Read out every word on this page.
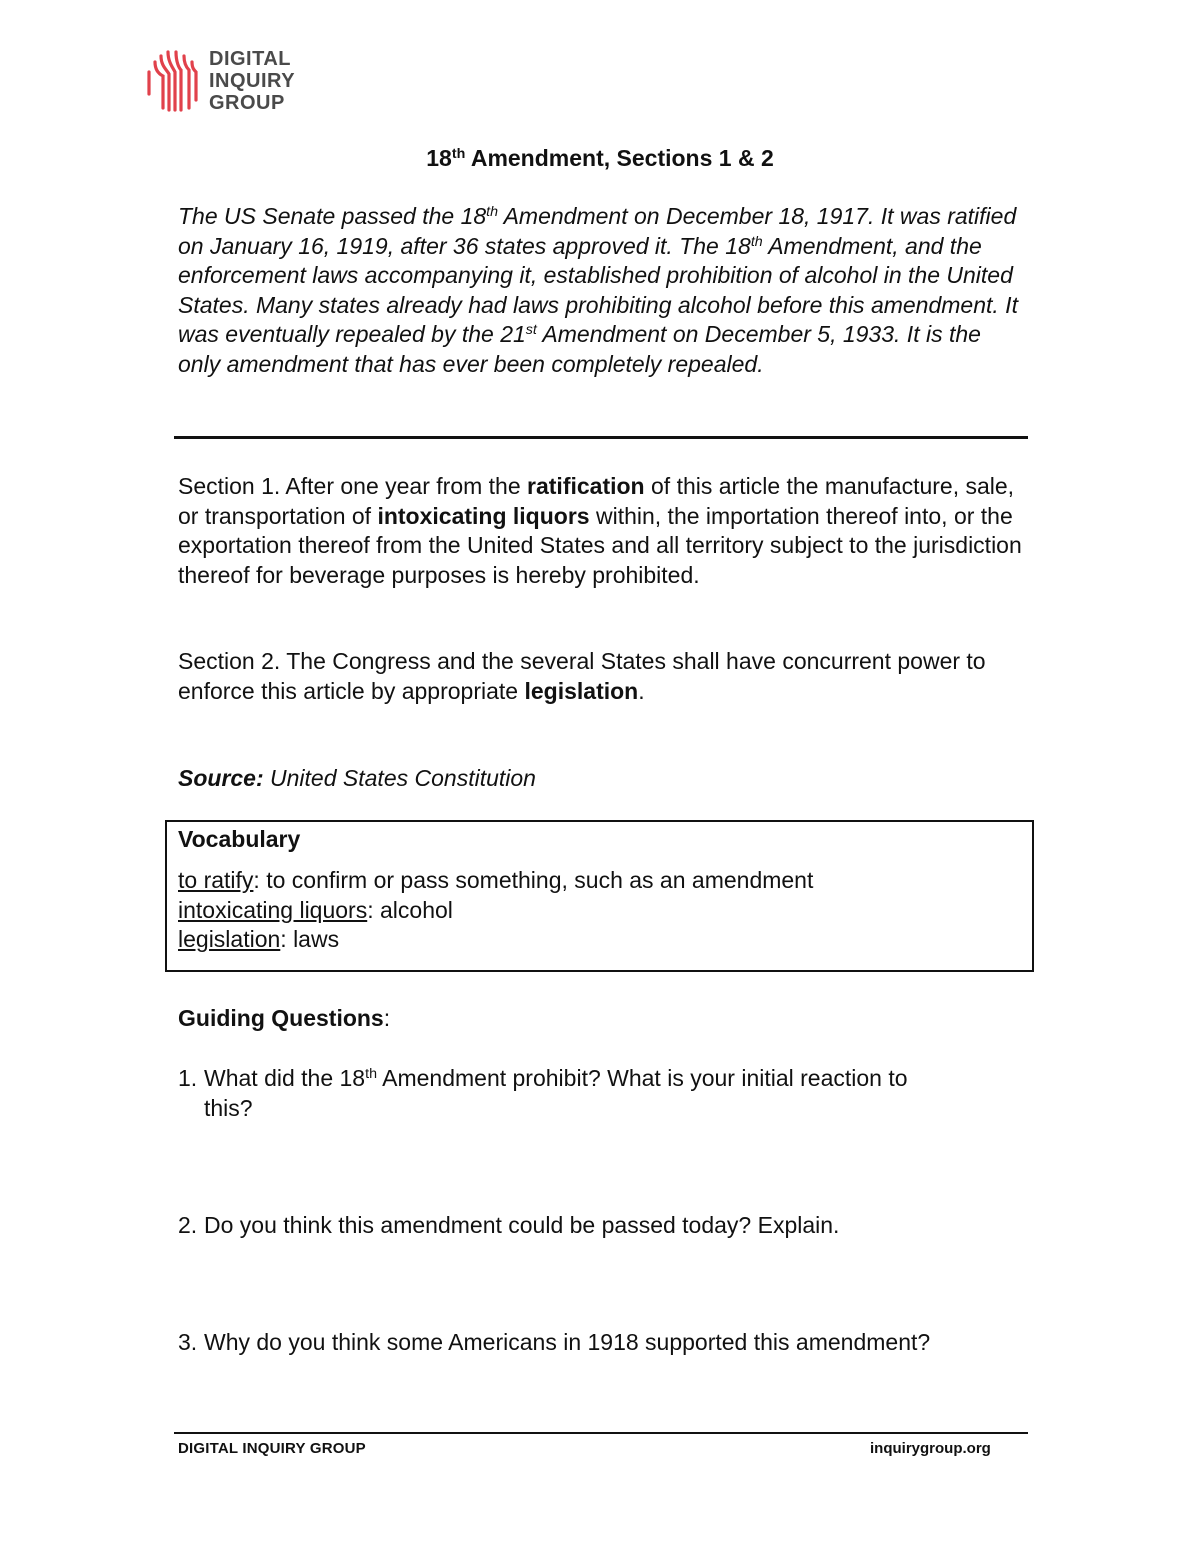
DIGITAL
INQUIRY
GROUP
18th Amendment, Sections 1 & 2
The US Senate passed the 18th Amendment on December 18, 1917. It was ratified on January 16, 1919, after 36 states approved it. The 18th Amendment, and the enforcement laws accompanying it, established prohibition of alcohol in the United States. Many states already had laws prohibiting alcohol before this amendment. It was eventually repealed by the 21st Amendment on December 5, 1933. It is the only amendment that has ever been completely repealed.
Section 1. After one year from the ratification of this article the manufacture, sale, or transportation of intoxicating liquors within, the importation thereof into, or the exportation thereof from the United States and all territory subject to the jurisdiction thereof for beverage purposes is hereby prohibited.
Section 2. The Congress and the several States shall have concurrent power to enforce this article by appropriate legislation.
Source: United States Constitution
Vocabulary
to ratify: to confirm or pass something, such as an amendment
intoxicating liquors: alcohol
legislation: laws
Guiding Questions:
1. What did the 18th Amendment prohibit? What is your initial reaction to
this?
2. Do you think this amendment could be passed today? Explain.
3. Why do you think some Americans in 1918 supported this amendment?
DIGITAL INQUIRY GROUP	inquirygroup.org
